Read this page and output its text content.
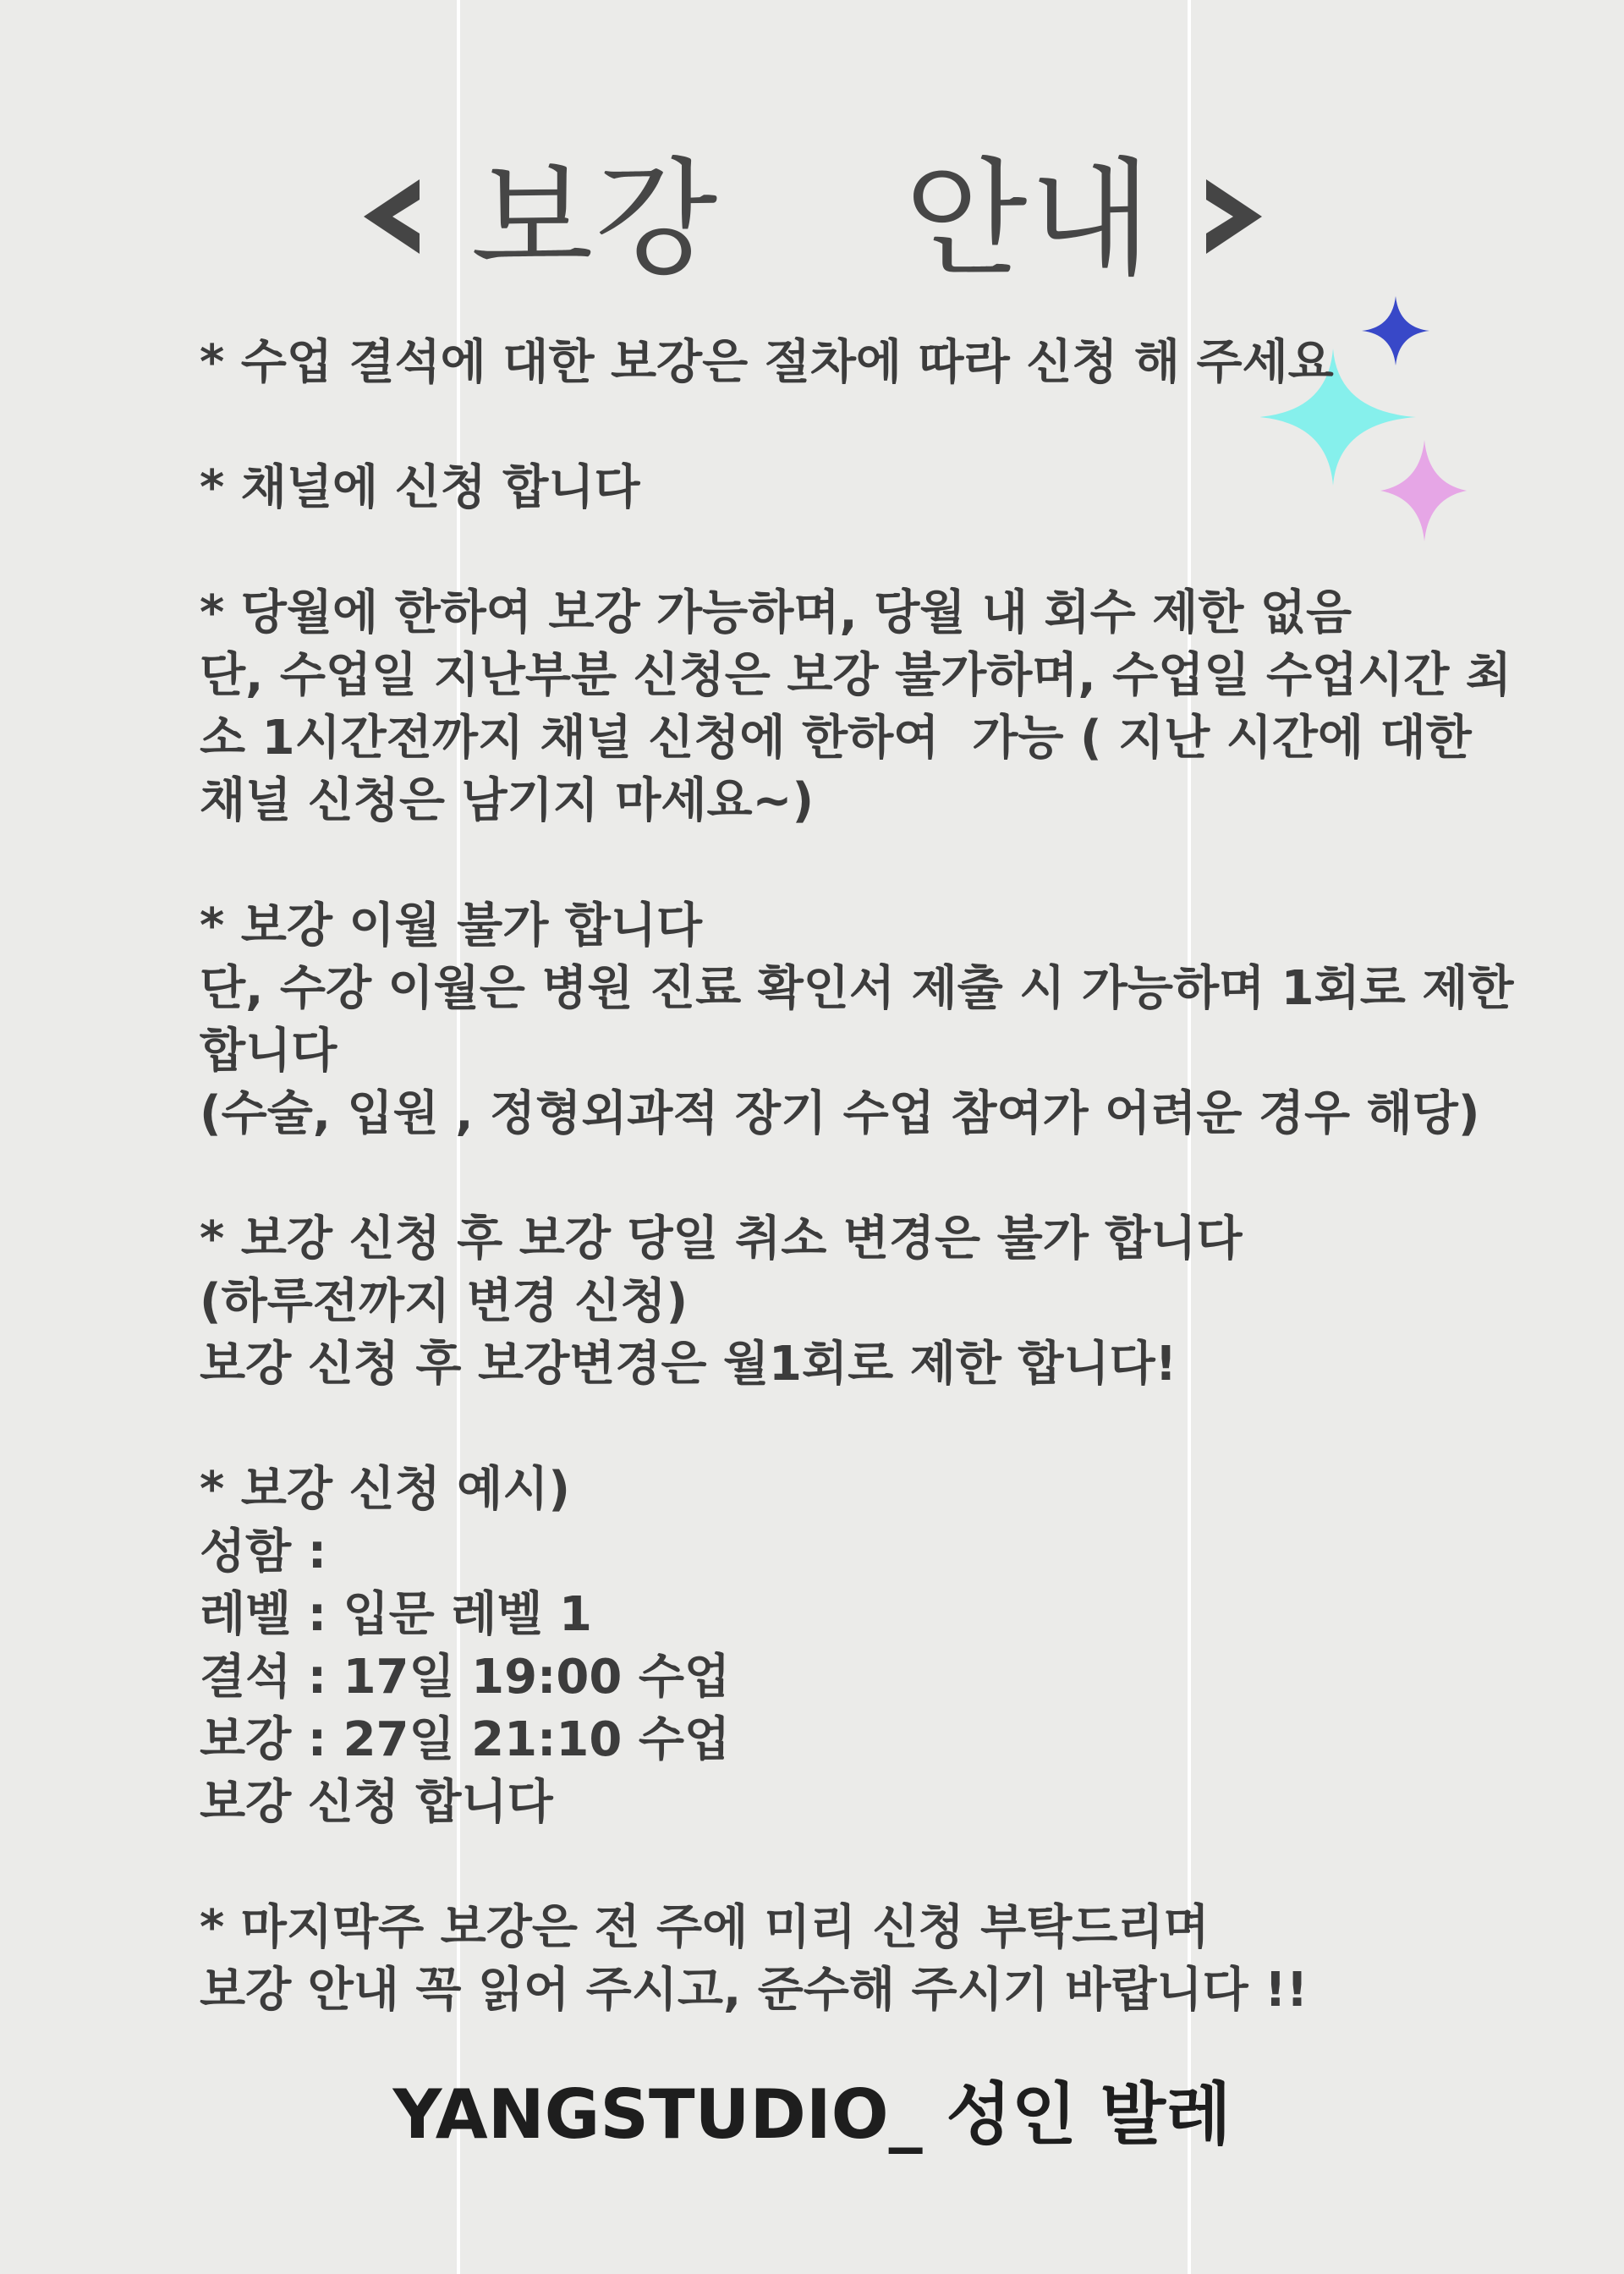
보강  안내
* 수업 결석에 대한 보강은 절차에 따라 신청 해 주세요
* 채널에 신청 합니다
* 당월에 한하여 보강 가능하며, 당월 내 회수 제한 없음
단, 수업일 지난부분 신청은 보강 불가하며, 수업일 수업시간 최
소 1시간전까지 채널 신청에 한하여  가능 ( 지난 시간에 대한
채널 신청은 남기지 마세요~)
* 보강 이월 불가 합니다
단, 수강 이월은 병원 진료 확인서 제출 시 가능하며 1회로 제한
합니다
(수술, 입원 , 정형외과적 장기 수업 참여가 어려운 경우 해당)
* 보강 신청 후 보강 당일 취소 변경은 불가 합니다
(하루전까지 변경 신청)
보강 신청 후 보강변경은 월1회로 제한 합니다!
* 보강 신청 예시)
성함 :
레벨 : 입문 레벨 1
결석 : 17일 19:00 수업
보강 : 27일 21:10 수업
보강 신청 합니다
* 마지막주 보강은 전 주에 미리 신청 부탁드리며
보강 안내 꼭 읽어 주시고, 준수해 주시기 바랍니다 !!
YANGSTUDIO_ 성인 발레
